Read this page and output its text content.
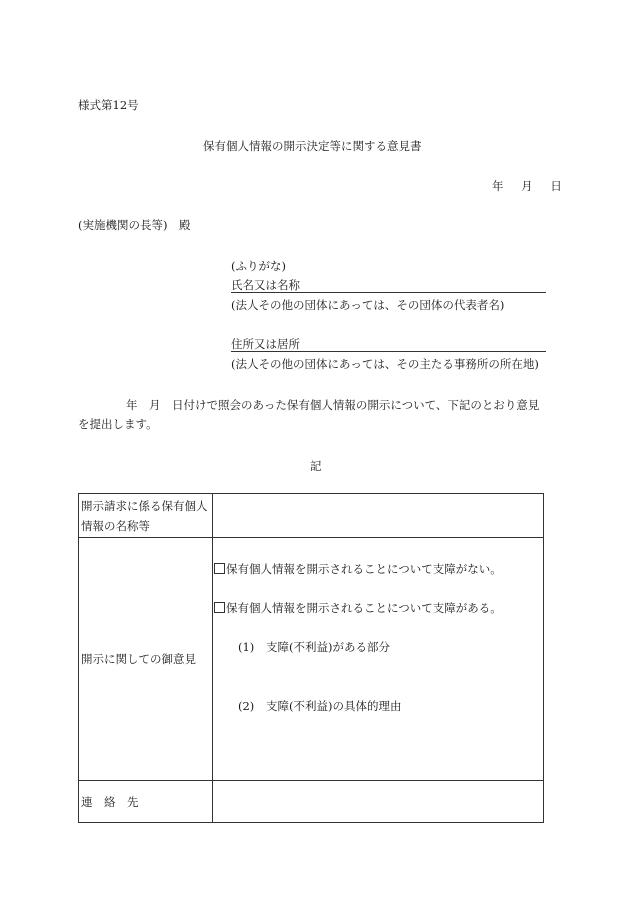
様式第12号
保有個人情報の開示決定等に関する意見書
年 月 日
(実施機関の長等)　殿
(ふりがな)
氏名又は名称
(法人その他の団体にあっては、その団体の代表者名)
住所又は居所
(法人その他の団体にあっては、その主たる事務所の所在地)
年　月　日付けで照会のあった保有個人情報の開示について、下記のとおり意見
を提出します。
記
開示請求に係る保有個人情報の名称等	
開示に関しての御意見	保有個人情報を開示されることについて支障がない。
保有個人情報を開示されることについて支障がある。
(1) 支障(不利益)がある部分
(2) 支障(不利益)の具体的理由

連　絡　先	
